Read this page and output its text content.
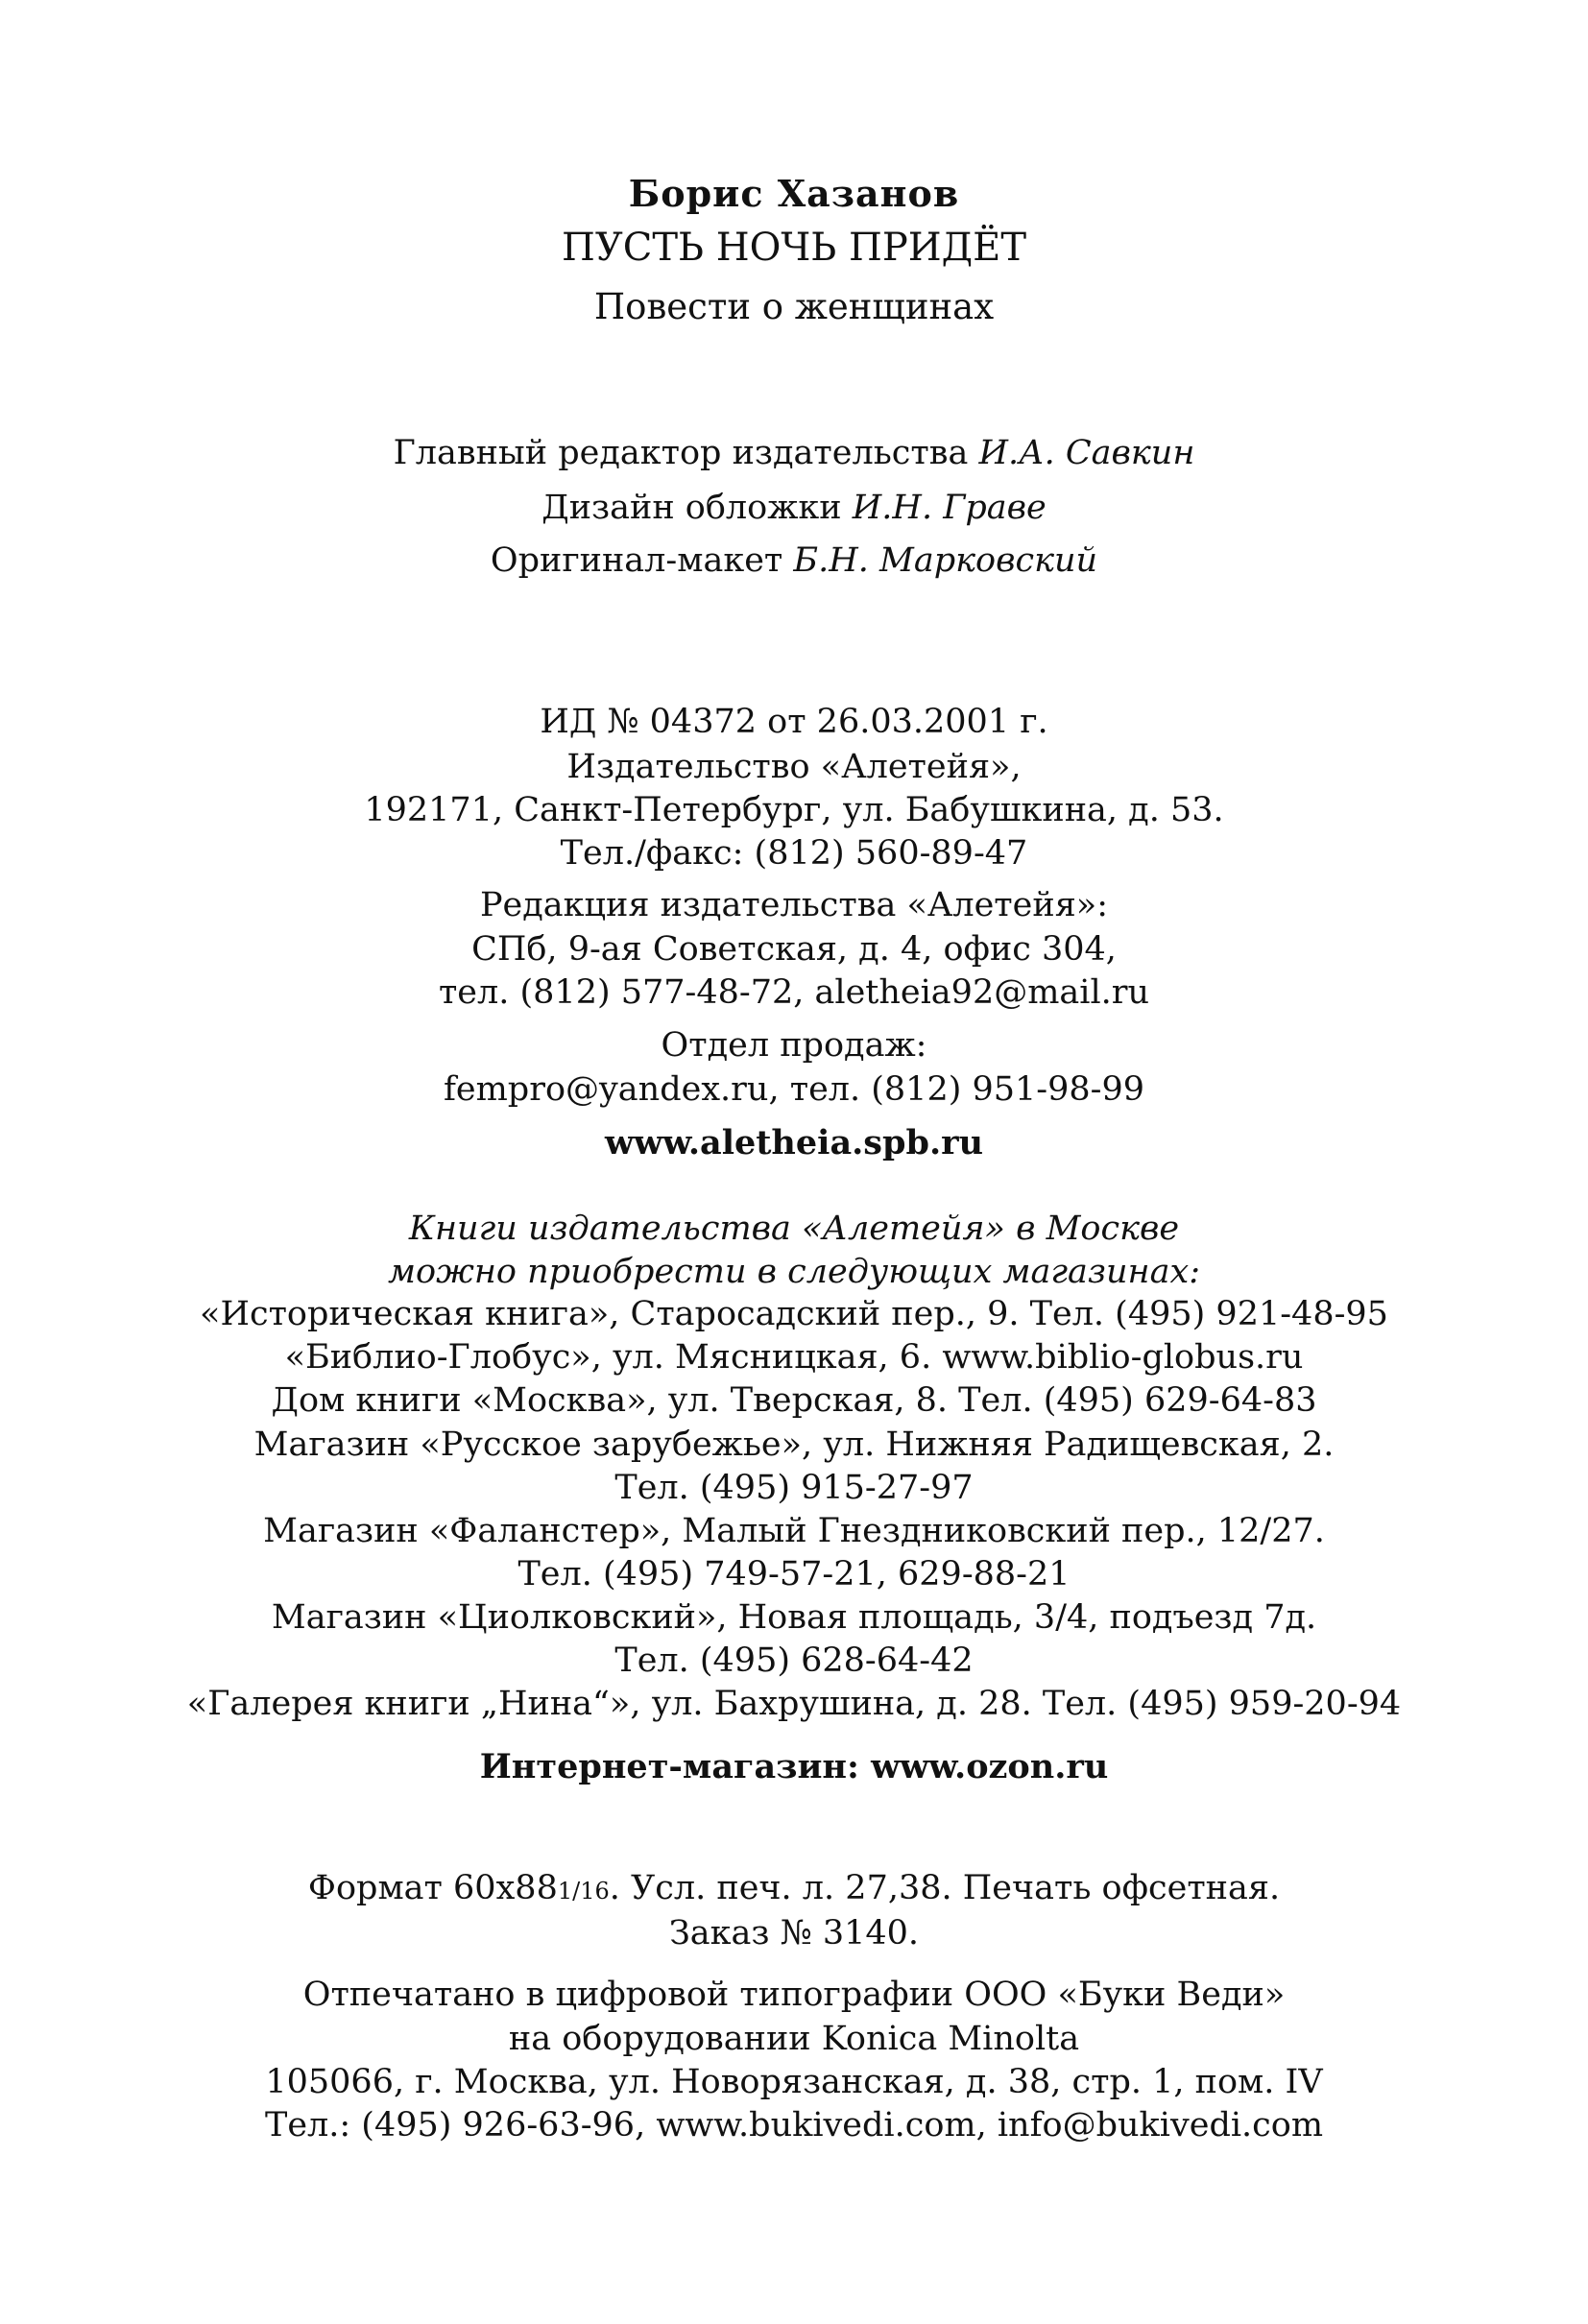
Борис Хазанов
ПУСТЬ НОЧЬ ПРИДЁТ
Повести о женщинах
Главный редактор издательства И.А. Савкин
Дизайн обложки И.Н. Граве
Оригинал-макет Б.Н. Марковский
ИД № 04372 от 26.03.2001 г.
Издательство «Алетейя»,
192171, Санкт-Петербург, ул. Бабушкина, д. 53.
Тел./факс: (812) 560-89-47
Редакция издательства «Алетейя»:
СПб, 9-ая Советская, д. 4, офис 304,
тел. (812) 577-48-72, aletheia92@mail.ru
Отдел продаж:
fempro@yandex.ru, тел. (812) 951-98-99
www.aletheia.spb.ru
Книги издательства «Алетейя» в Москве
можно приобрести в следующих магазинах:
«Историческая книга», Старосадский пер., 9. Тел. (495) 921-48-95
«Библио-Глобус», ул. Мясницкая, 6. www.biblio-globus.ru
Дом книги «Москва», ул. Тверская, 8. Тел. (495) 629-64-83
Магазин «Русское зарубежье», ул. Нижняя Радищевская, 2.
Тел. (495) 915-27-97
Магазин «Фаланстер», Малый Гнездниковский пер., 12/27.
Тел. (495) 749-57-21, 629-88-21
Магазин «Циолковский», Новая площадь, 3/4, подъезд 7д.
Тел. (495) 628-64-42
«Галерея книги „Нина“», ул. Бахрушина, д. 28. Тел. (495) 959-20-94
Интернет-магазин: www.ozon.ru
Формат 60x881/16. Усл. печ. л. 27,38. Печать офсетная.
Заказ № 3140.
Отпечатано в цифровой типографии ООО «Буки Веди»
на оборудовании Konica Minolta
105066, г. Москва, ул. Новорязанская, д. 38, стр. 1, пом. IV
Тел.: (495) 926-63-96, www.bukivedi.com, info@bukivedi.com
